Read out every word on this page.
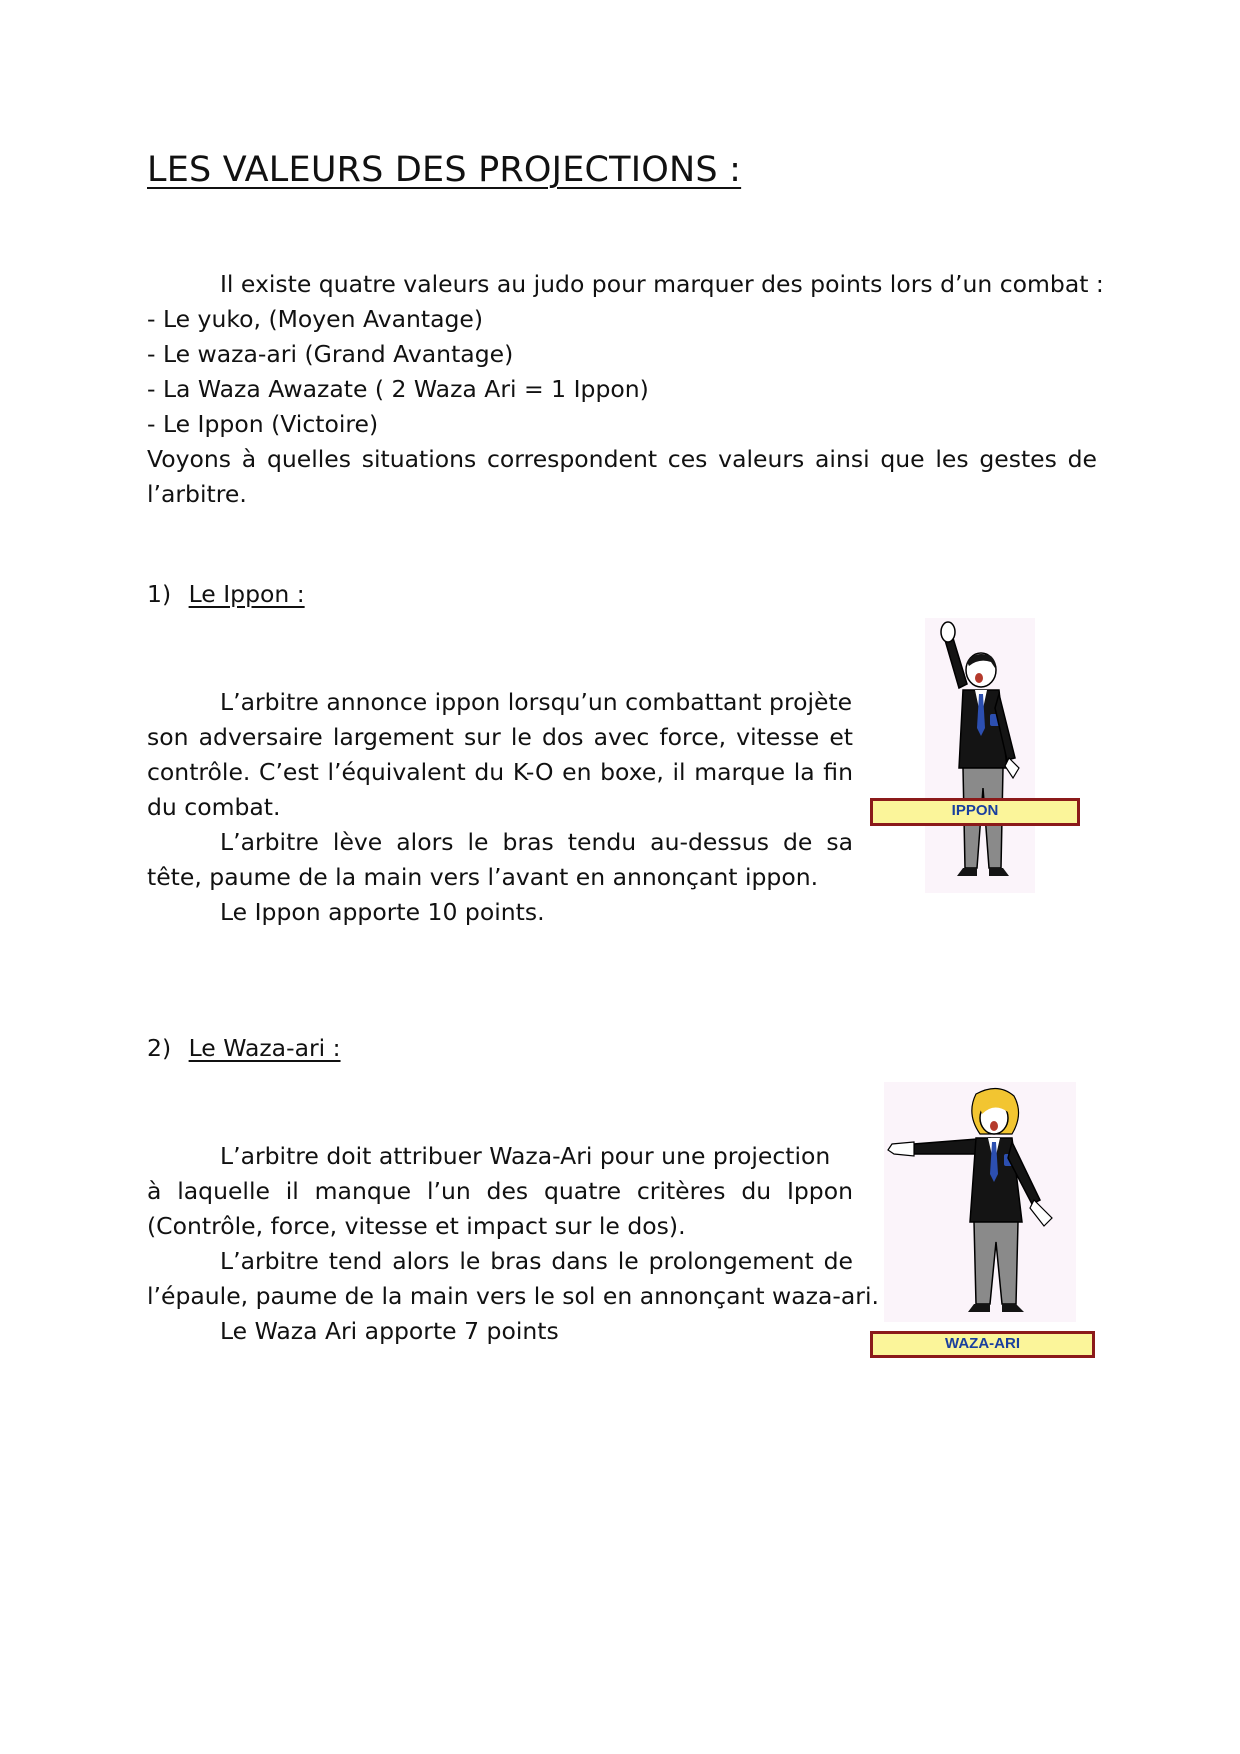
LES VALEURS DES PROJECTIONS :
Il existe quatre valeurs au judo pour marquer des points lors d’un combat :
- Le yuko, (Moyen Avantage)
- Le waza-ari (Grand Avantage)
- La Waza Awazate ( 2 Waza Ari = 1 Ippon)
- Le Ippon (Victoire)
Voyons à quelles situations correspondent ces valeurs ainsi que les gestes de
l’arbitre.
1) Le Ippon :
L’arbitre annonce ippon lorsqu’un combattant projète
son adversaire largement sur le dos avec force, vitesse et
contrôle. C’est l’équivalent du K-O en boxe, il marque la fin
du combat.
L’arbitre lève alors le bras tendu au-dessus de sa
tête, paume de la main vers l’avant en annonçant ippon.
Le Ippon apporte 10 points.
IPPON
2) Le Waza-ari :
L’arbitre doit attribuer Waza-Ari pour une projection
à laquelle il manque l’un des quatre critères du Ippon
(Contrôle, force, vitesse et impact sur le dos).
L’arbitre tend alors le bras dans le prolongement de
l’épaule, paume de la main vers le sol en annonçant waza-ari.
Le Waza Ari apporte 7 points	WAZA-ARI
